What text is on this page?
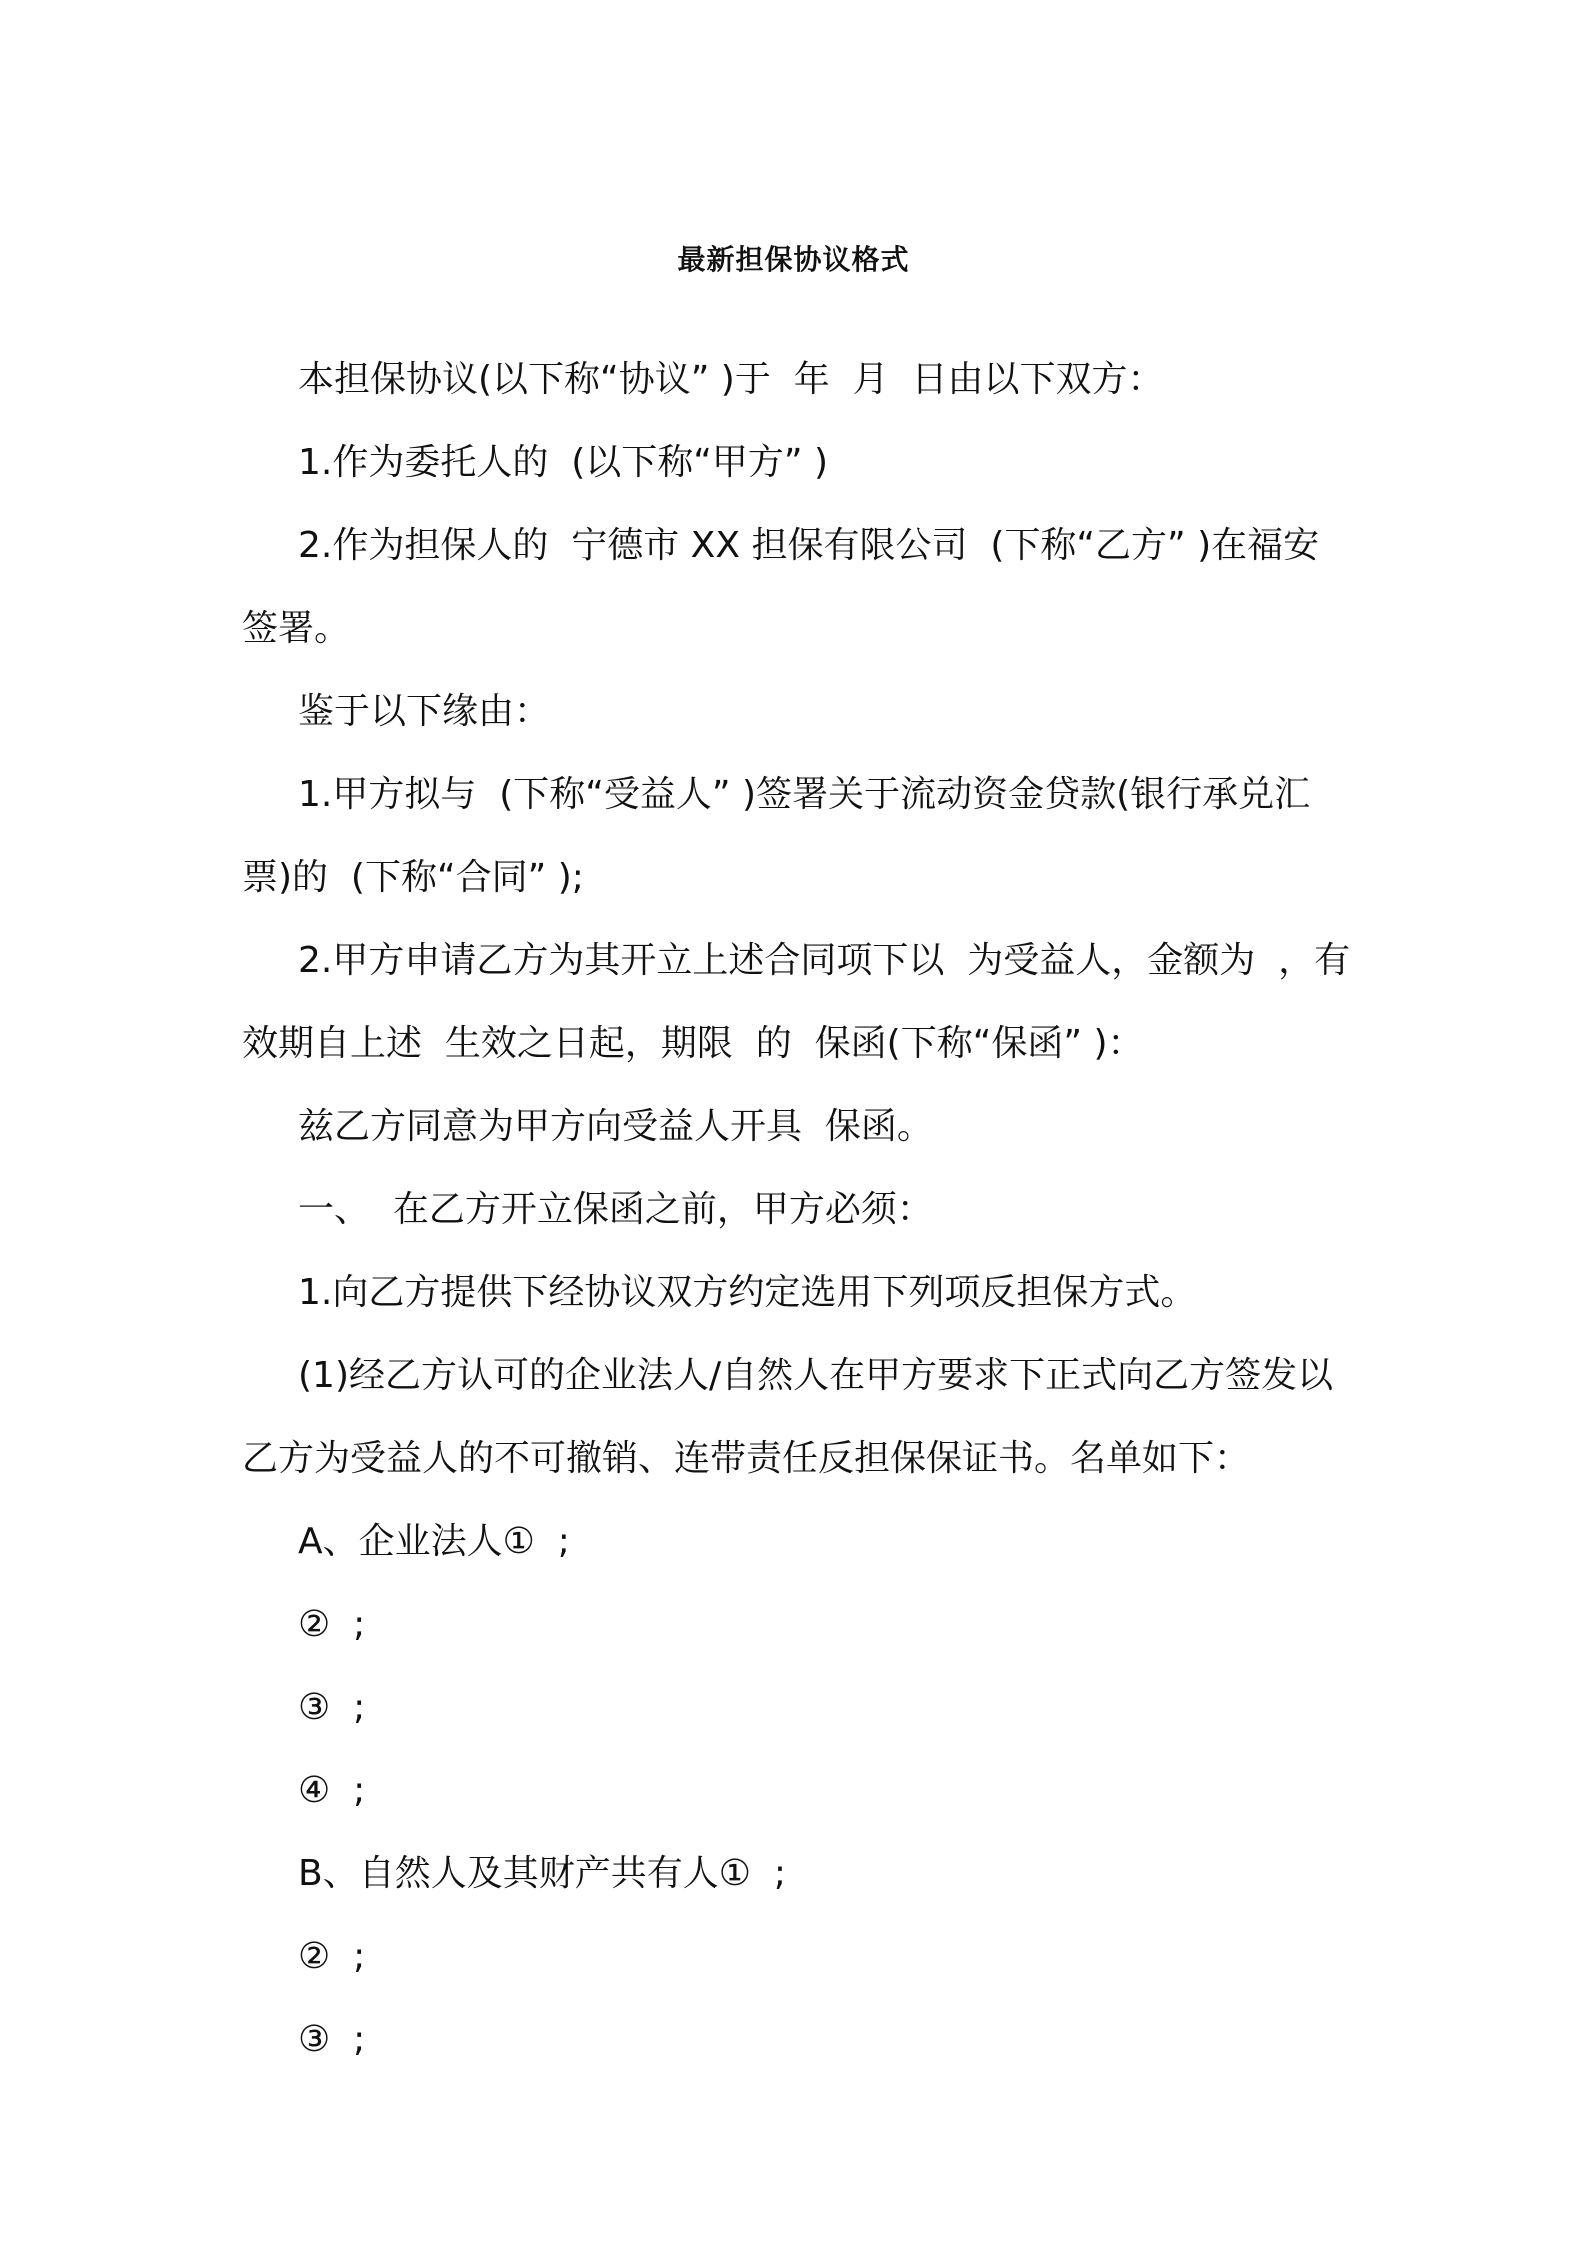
最新担保协议格式

本担保协议(以下称“协议” )于  年  月  日由以下双方：

1.作为委托人的  (以下称“甲方” )

2.作为担保人的  宁德市 XX 担保有限公司  (下称“乙方” )在福安签署。

鉴于以下缘由：

1.甲方拟与  (下称“受益人” )签署关于流动资金贷款(银行承兑汇票)的  (下称“合同” );

2.甲方申请乙方为其开立上述合同项下以  为受益人，金额为  ，有效期自上述  生效之日起，期限  的  保函(下称“保函” )：

兹乙方同意为甲方向受益人开具  保函。

一、  在乙方开立保函之前，甲方必须：

1.向乙方提供下经协议双方约定选用下列项反担保方式。

(1)经乙方认可的企业法人/自然人在甲方要求下正式向乙方签发以乙方为受益人的不可撤销、连带责任反担保保证书。名单如下：

A、企业法人①  ;

②  ;

③  ;

④  ;

B、自然人及其财产共有人①  ;

②  ;

③  ;
